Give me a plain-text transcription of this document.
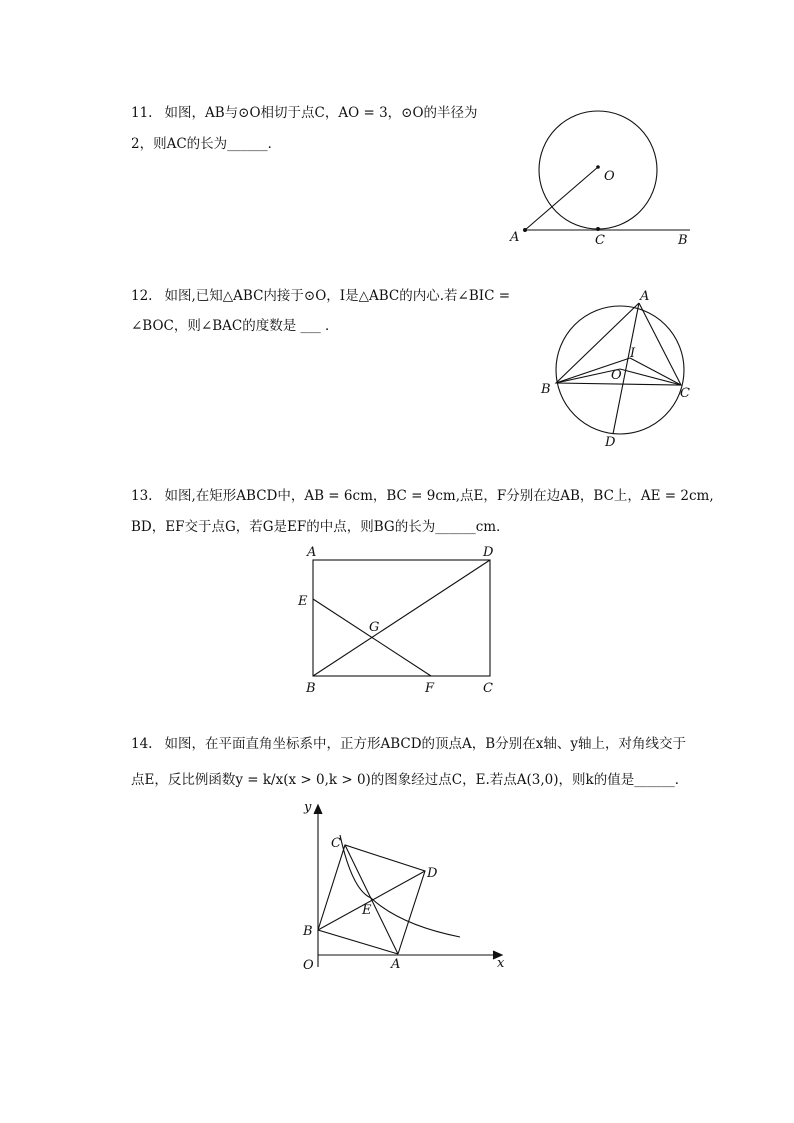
11. 如图，AB与⊙O相切于点C，AO = 3，⊙O的半径为
2，则AC的长为______．
O
A	C	B
12. 如图,已知△ABC内接于⊙O，I是△ABC的内心.若∠BIC =
∠BOC，则∠BAC的度数是 ___ ．
A
I
O
B	C
D
13. 如图,在矩形ABCD中，AB = 6cm，BC = 9cm,点E，F分别在边AB，BC上，AE = 2cm,
BD，EF交于点G，若G是EF的中点，则BG的长为______cm．
A	D
E
G
B	F	C
14. 如图，在平面直角坐标系中，正方形ABCD的顶点A，B分别在x轴、y轴上，对角线交于
点E，反比例函数y = k/x(x > 0,k > 0)的图象经过点C，E.若点A(3,0)，则k的值是______．
y
x
O	A
B
C
D
E
